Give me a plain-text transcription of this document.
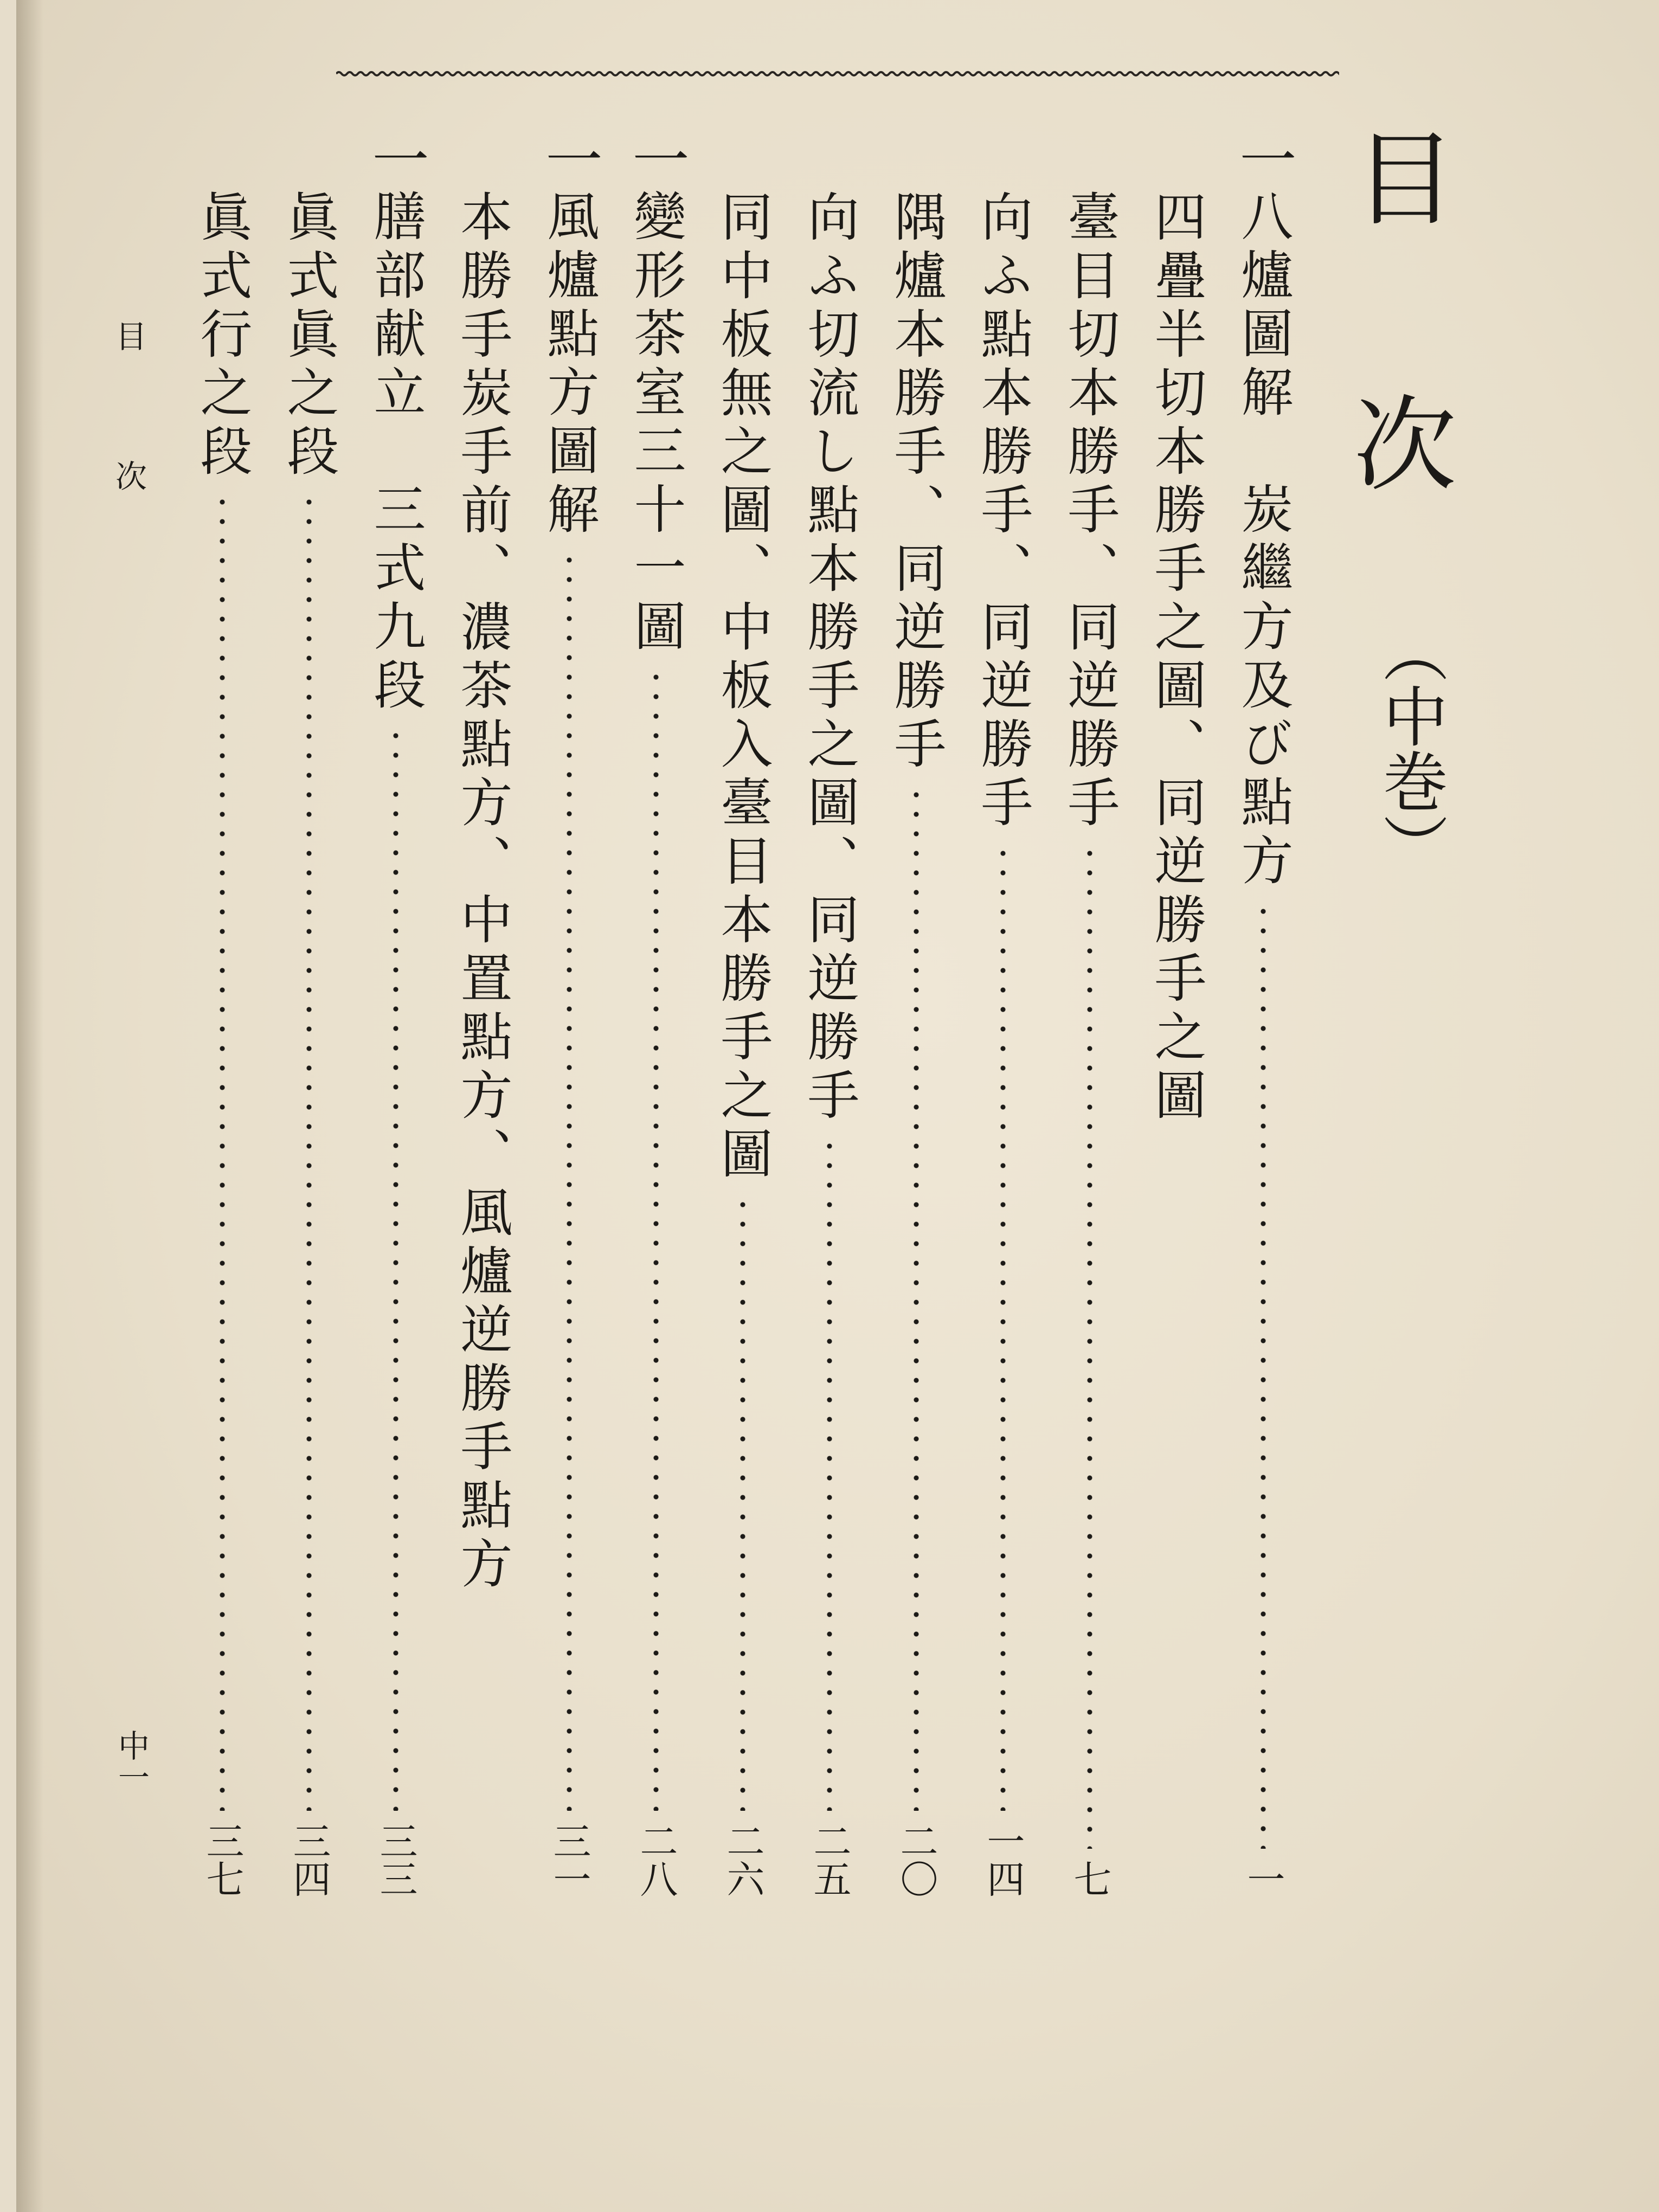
目次
（中巻）
一
八爐圖解　炭繼方及び點方
一
四疊半切本勝手之圖、同逆勝手之圖
臺目切本勝手、同逆勝手
七
向ふ點本勝手、同逆勝手
一四
隅爐本勝手、同逆勝手
二〇
向ふ切流し點本勝手之圖、同逆勝手
二五
同中板無之圖、中板入臺目本勝手之圖
二六
一
變形茶室三十一圖
二八
一
風爐點方圖解
三一
本勝手炭手前、濃茶點方、中置點方、風爐逆勝手點方
一
膳部献立　三式九段
三三
眞式眞之段
三四
眞式行之段
三七
目次
中一
